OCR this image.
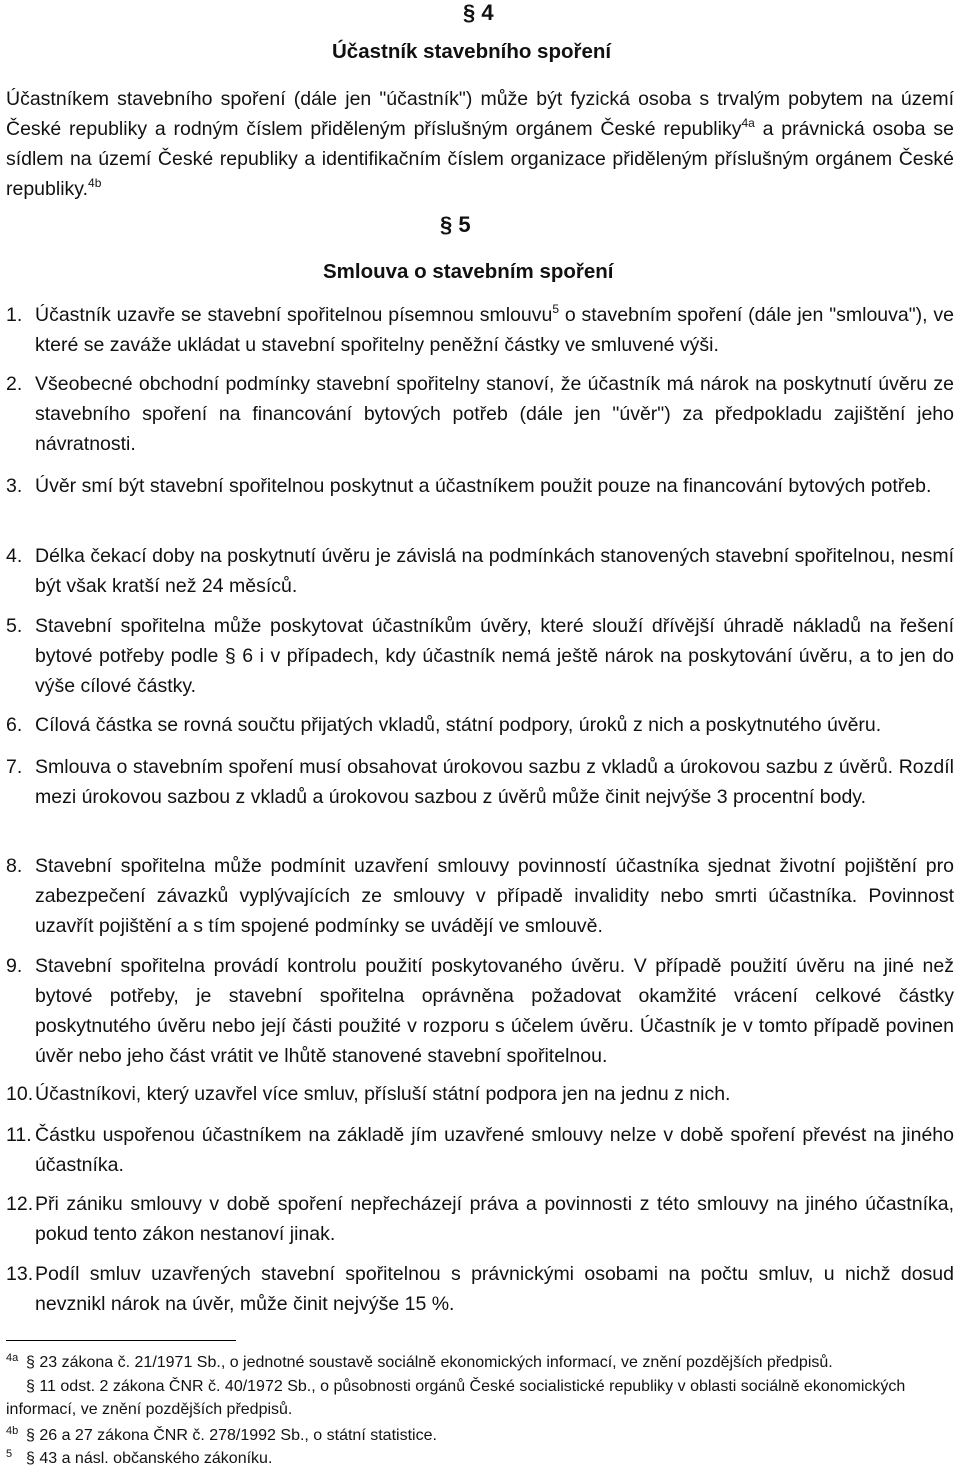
§ 4
Účastník stavebního spoření
Účastníkem stavebního spoření (dále jen "účastník") může být fyzická osoba s trvalým pobytem na území České republiky a rodným číslem přiděleným příslušným orgánem České republiky$^{4a}$ a právnická osoba se sídlem na území České republiky a identifikačním číslem organizace přiděleným příslušným orgánem České republiky.$^{4b}$
§ 5
Smlouva o stavebním spoření
1. Účastník uzavře se stavební spořitelnou písemnou smlouvu$^5$ o stavebním spoření (dále jen "smlouva"), ve které se zaváže ukládat u stavební spořitelny peněžní částky ve smluvené výši.
2. Všeobecné obchodní podmínky stavební spořitelny stanoví, že účastník má nárok na poskytnutí úvěru ze stavebního spoření na financování bytových potřeb (dále jen "úvěr") za předpokladu zajištění jeho návratnosti.
3. Úvěr smí být stavební spořitelnou poskytnut a účastníkem použit pouze na financování bytových potřeb.
4. Délka čekací doby na poskytnutí úvěru je závislá na podmínkách stanovených stavební spořitelnou, nesmí být však kratší než 24 měsíců.
5. Stavební spořitelna může poskytovat účastníkům úvěry, které slouží dřívější úhradě nákladů na řešení bytové potřeby podle § 6 i v případech, kdy účastník nemá ještě nárok na poskytování úvěru, a to jen do výše cílové částky.
6. Cílová částka se rovná součtu přijatých vkladů, státní podpory, úroků z nich a poskytnutého úvěru.
7. Smlouva o stavebním spoření musí obsahovat úrokovou sazbu z vkladů a úrokovou sazbu z úvěrů. Rozdíl mezi úrokovou sazbou z vkladů a úrokovou sazbou z úvěrů může činit nejvýše 3 procentní body.
8. Stavební spořitelna může podmínit uzavření smlouvy povinností účastníka sjednat životní pojištění pro zabezpečení závazků vyplývajících ze smlouvy v případě invalidity nebo smrti účastníka. Povinnost uzavřít pojištění a s tím spojené podmínky se uvádějí ve smlouvě.
9. Stavební spořitelna provádí kontrolu použití poskytovaného úvěru. V případě použití úvěru na jiné než bytové potřeby, je stavební spořitelna oprávněna požadovat okamžité vrácení celkové částky poskytnutého úvěru nebo její části použité v rozporu s účelem úvěru. Účastník je v tomto případě povinen úvěr nebo jeho část vrátit ve lhůtě stanovené stavební spořitelnou.
10. Účastníkovi, který uzavřel více smluv, přísluší státní podpora jen na jednu z nich.
11. Částku uspořenou účastníkem na základě jím uzavřené smlouvy nelze v době spoření převést na jiného účastníka.
12. Při zániku smlouvy v době spoření nepřecházejí práva a povinnosti z této smlouvy na jiného účastníka, pokud tento zákon nestanoví jinak.
13. Podíl smluv uzavřených stavební spořitelnou s právnickými osobami na počtu smluv, u nichž dosud nevznikl nárok na úvěr, může činit nejvýše 15 %.
4a § 23 zákona č. 21/1971 Sb., o jednotné soustavě sociálně ekonomických informací, ve znění pozdějších předpisů.
§ 11 odst. 2 zákona ČNR č. 40/1972 Sb., o působnosti orgánů České socialistické republiky v oblasti sociálně ekonomických informací, ve znění pozdějších předpisů.
4b § 26 a 27 zákona ČNR č. 278/1992 Sb., o státní statistice.
5 § 43 a násl. občanského zákoníku.
